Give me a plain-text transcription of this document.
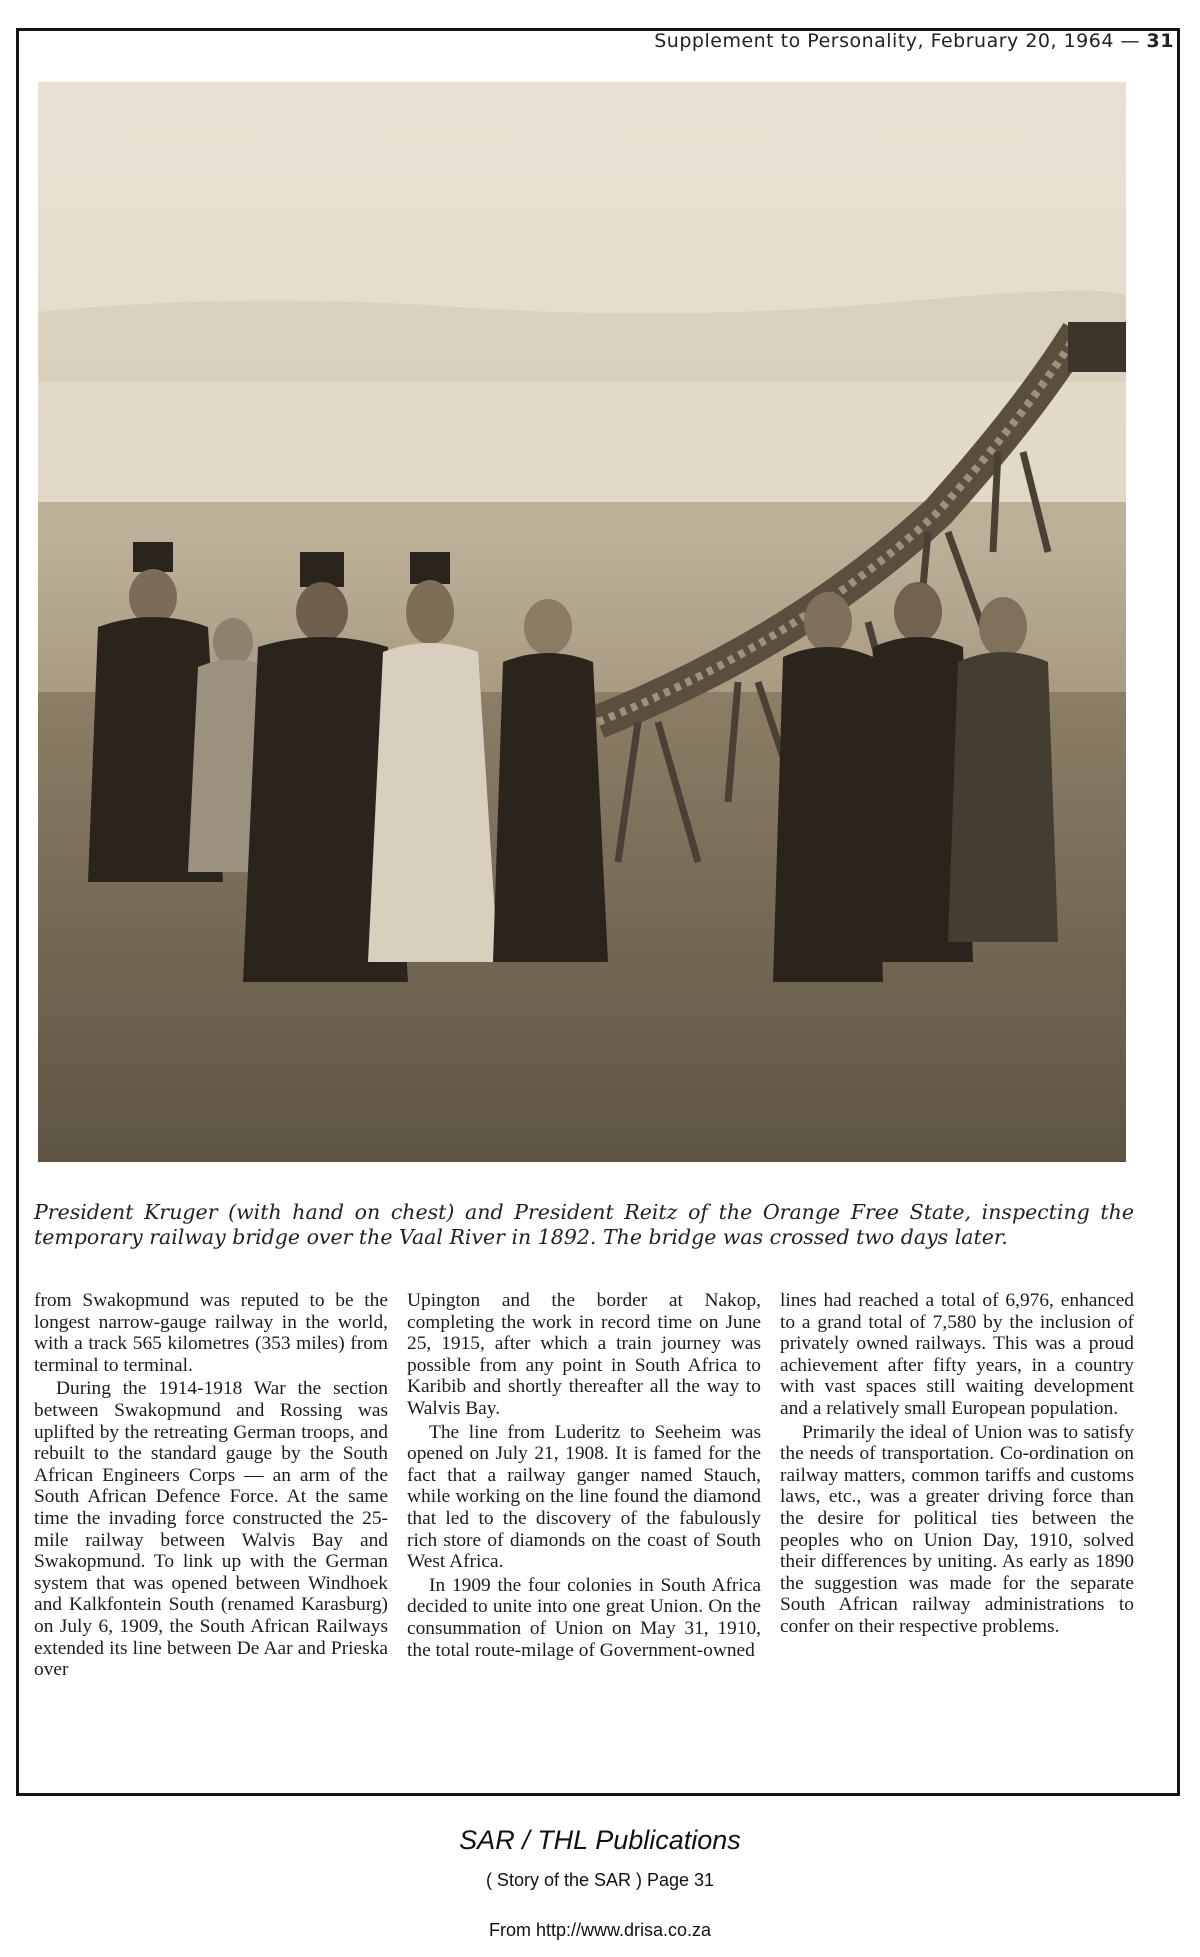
Supplement to Personality, February 20, 1964 — 31
President Kruger (with hand on chest) and President Reitz of the Orange Free State, inspecting the temporary railway bridge over the Vaal River in 1892. The bridge was crossed two days later.

from Swakopmund was reputed to be the longest narrow-gauge railway in the world, with a track 565 kilometres (353 miles) from terminal to terminal.

During the 1914-1918 War the section between Swakopmund and Rossing was uplifted by the retreating German troops, and rebuilt to the standard gauge by the South African Engineers Corps — an arm of the South African Defence Force. At the same time the invading force constructed the 25-mile railway between Walvis Bay and Swakopmund. To link up with the German system that was opened between Windhoek and Kalkfontein South (renamed Karasburg) on July 6, 1909, the South African Railways extended its line between De Aar and Prieska over

Upington and the border at Nakop, completing the work in record time on June 25, 1915, after which a train journey was possible from any point in South Africa to Karibib and shortly thereafter all the way to Walvis Bay.

The line from Luderitz to Seeheim was opened on July 21, 1908. It is famed for the fact that a railway ganger named Stauch, while working on the line found the diamond that led to the discovery of the fabulously rich store of diamonds on the coast of South West Africa.

In 1909 the four colonies in South Africa decided to unite into one great Union. On the consummation of Union on May 31, 1910, the total route-milage of Government-owned

lines had reached a total of 6,976, enhanced to a grand total of 7,580 by the inclusion of privately owned railways. This was a proud achievement after fifty years, in a country with vast spaces still waiting development and a relatively small European population.

Primarily the ideal of Union was to satisfy the needs of transportation. Co-ordination on railway matters, common tariffs and customs laws, etc., was a greater driving force than the desire for political ties between the peoples who on Union Day, 1910, solved their differences by uniting. As early as 1890 the suggestion was made for the separate South African railway administrations to confer on their respective problems.

SAR / THL Publications
( Story of the SAR ) Page 31
From http://www.drisa.co.za
